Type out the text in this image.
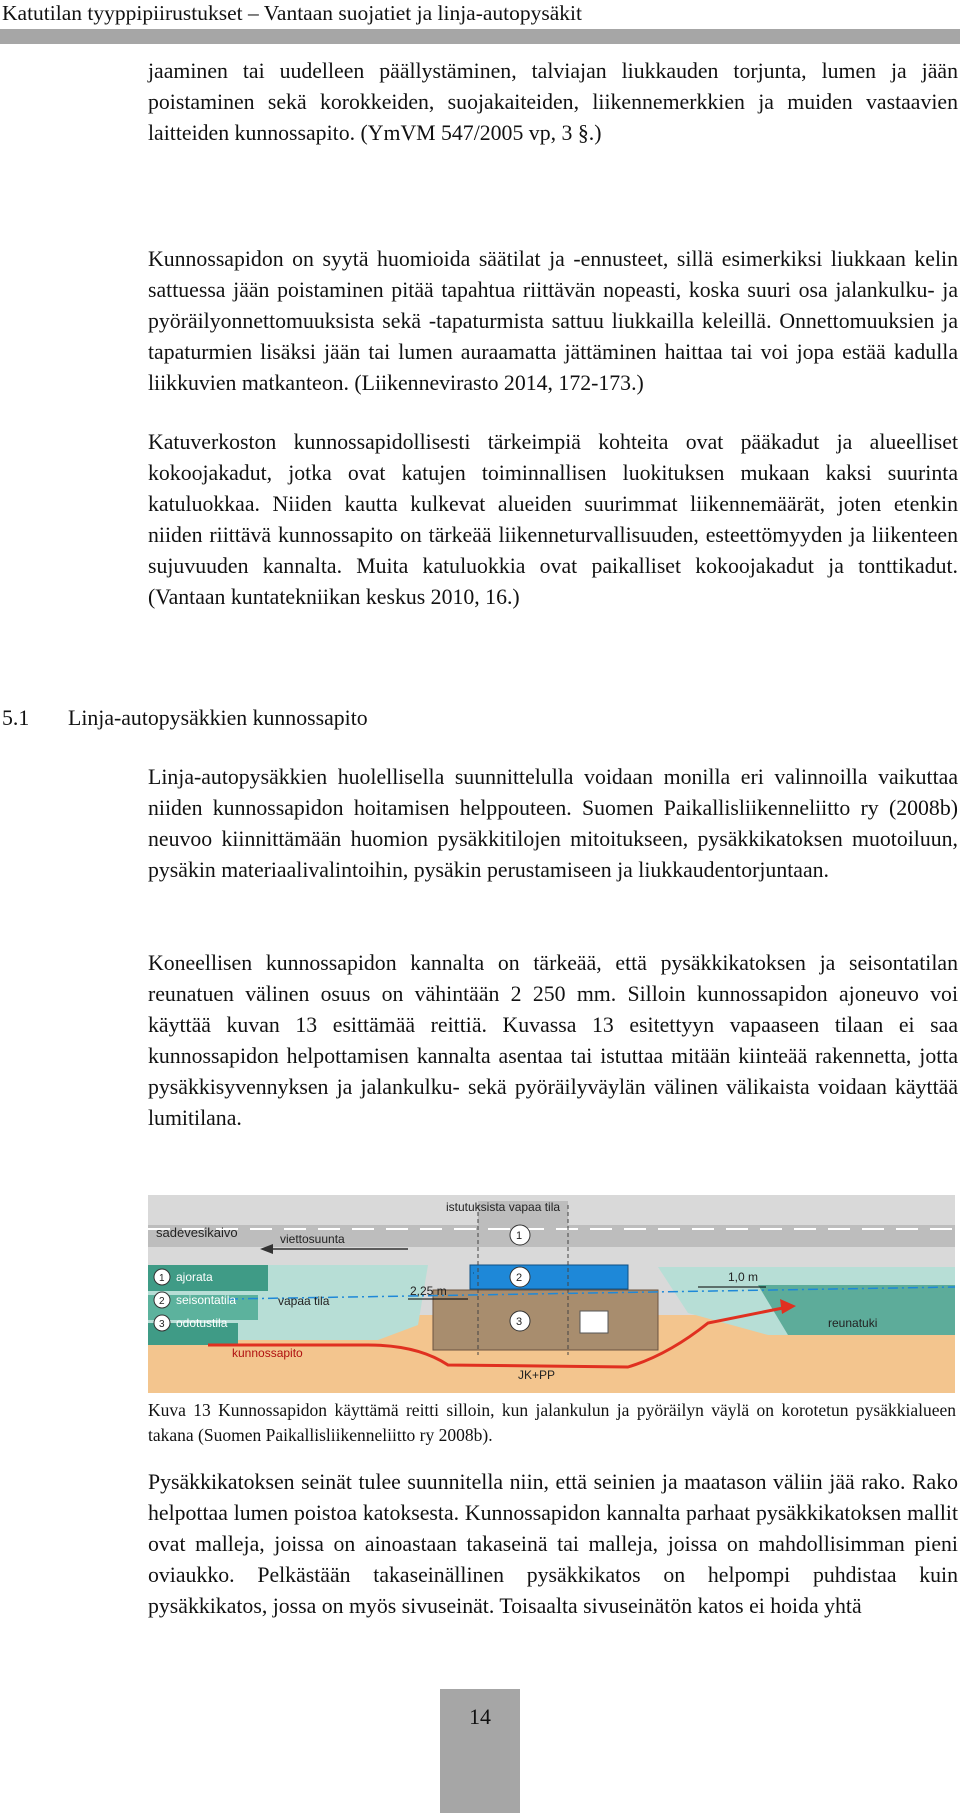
Katutilan tyyppipiirustukset – Vantaan suojatiet ja linja-autopysäkit

jaaminen tai uudelleen päällystäminen, talviajan liukkauden torjunta, lumen ja jään poistaminen sekä korokkeiden, suojakaiteiden, liikennemerkkien ja muiden vastaavien laitteiden kunnossapito. (YmVM 547/2005 vp, 3 §.)

Kunnossapidon on syytä huomioida säätilat ja -ennusteet, sillä esimerkiksi liukkaan kelin sattuessa jään poistaminen pitää tapahtua riittävän nopeasti, koska suuri osa jalankulku- ja pyöräilyonnettomuuksista sekä -tapaturmista sattuu liukkailla keleillä. Onnettomuuksien ja tapaturmien lisäksi jään tai lumen auraamatta jättäminen haittaa tai voi jopa estää kadulla liikkuvien matkanteon. (Liikennevirasto 2014, 172-173.)

Katuverkoston kunnossapidollisesti tärkeimpiä kohteita ovat pääkadut ja alueelliset kokoojakadut, jotka ovat katujen toiminnallisen luokituksen mukaan kaksi suurinta katuluokkaa. Niiden kautta kulkevat alueiden suurimmat liikennemäärät, joten etenkin niiden riittävä kunnossapito on tärkeää liikenneturvallisuuden, esteettömyyden ja liikenteen sujuvuuden kannalta. Muita katuluokkia ovat paikalliset kokoojakadut ja tonttikadut. (Vantaan kuntatekniikan keskus 2010, 16.)

5.1 Linja-autopysäkkien kunnossapito

Linja-autopysäkkien huolellisella suunnittelulla voidaan monilla eri valinnoilla vaikuttaa niiden kunnossapidon hoitamisen helppouteen. Suomen Paikallisliikenneliitto ry (2008b) neuvoo kiinnittämään huomion pysäkkitilojen mitoitukseen, pysäkkikatoksen muotoiluun, pysäkin materiaalivalintoihin, pysäkin perustamiseen ja liukkaudentorjuntaan.

Koneellisen kunnossapidon kannalta on tärkeää, että pysäkkikatoksen ja seisontatilan reunatuen välinen osuus on vähintään 2 250 mm. Silloin kunnossapidon ajoneuvo voi käyttää kuvan 13 esittämää reittiä. Kuvassa 13 esitettyyn vapaaseen tilaan ei saa kunnossapidon helpottamisen kannalta asentaa tai istuttaa mitään kiinteää rakennetta, jotta pysäkkisyvennyksen ja jalankulku- sekä pyöräilyväylän välinen välikaista voidaan käyttää lumitilana.

istutuksista vapaa tila
sadevesikaivo	viettosuunta	1
2
3
1
2
3
ajorata
seisontatila
odotustila
vapaa tila
kunnossapito
2,25 m
1,0 m
reunatuki
JK+PP

Kuva 13 Kunnossapidon käyttämä reitti silloin, kun jalankulun ja pyöräilyn väylä on korotetun pysäkkialueen takana (Suomen Paikallisliikenneliitto ry 2008b).

Pysäkkikatoksen seinät tulee suunnitella niin, että seinien ja maatason väliin jää rako. Rako helpottaa lumen poistoa katoksesta. Kunnossapidon kannalta parhaat pysäkkikatoksen mallit ovat malleja, joissa on ainoastaan takaseinä tai malleja, joissa on mahdollisimman pieni oviaukko. Pelkästään takaseinällinen pysäkkikatos on helpompi puhdistaa kuin pysäkkikatos, jossa on myös sivuseinät. Toisaalta sivuseinätön katos ei hoida yhtä

14
